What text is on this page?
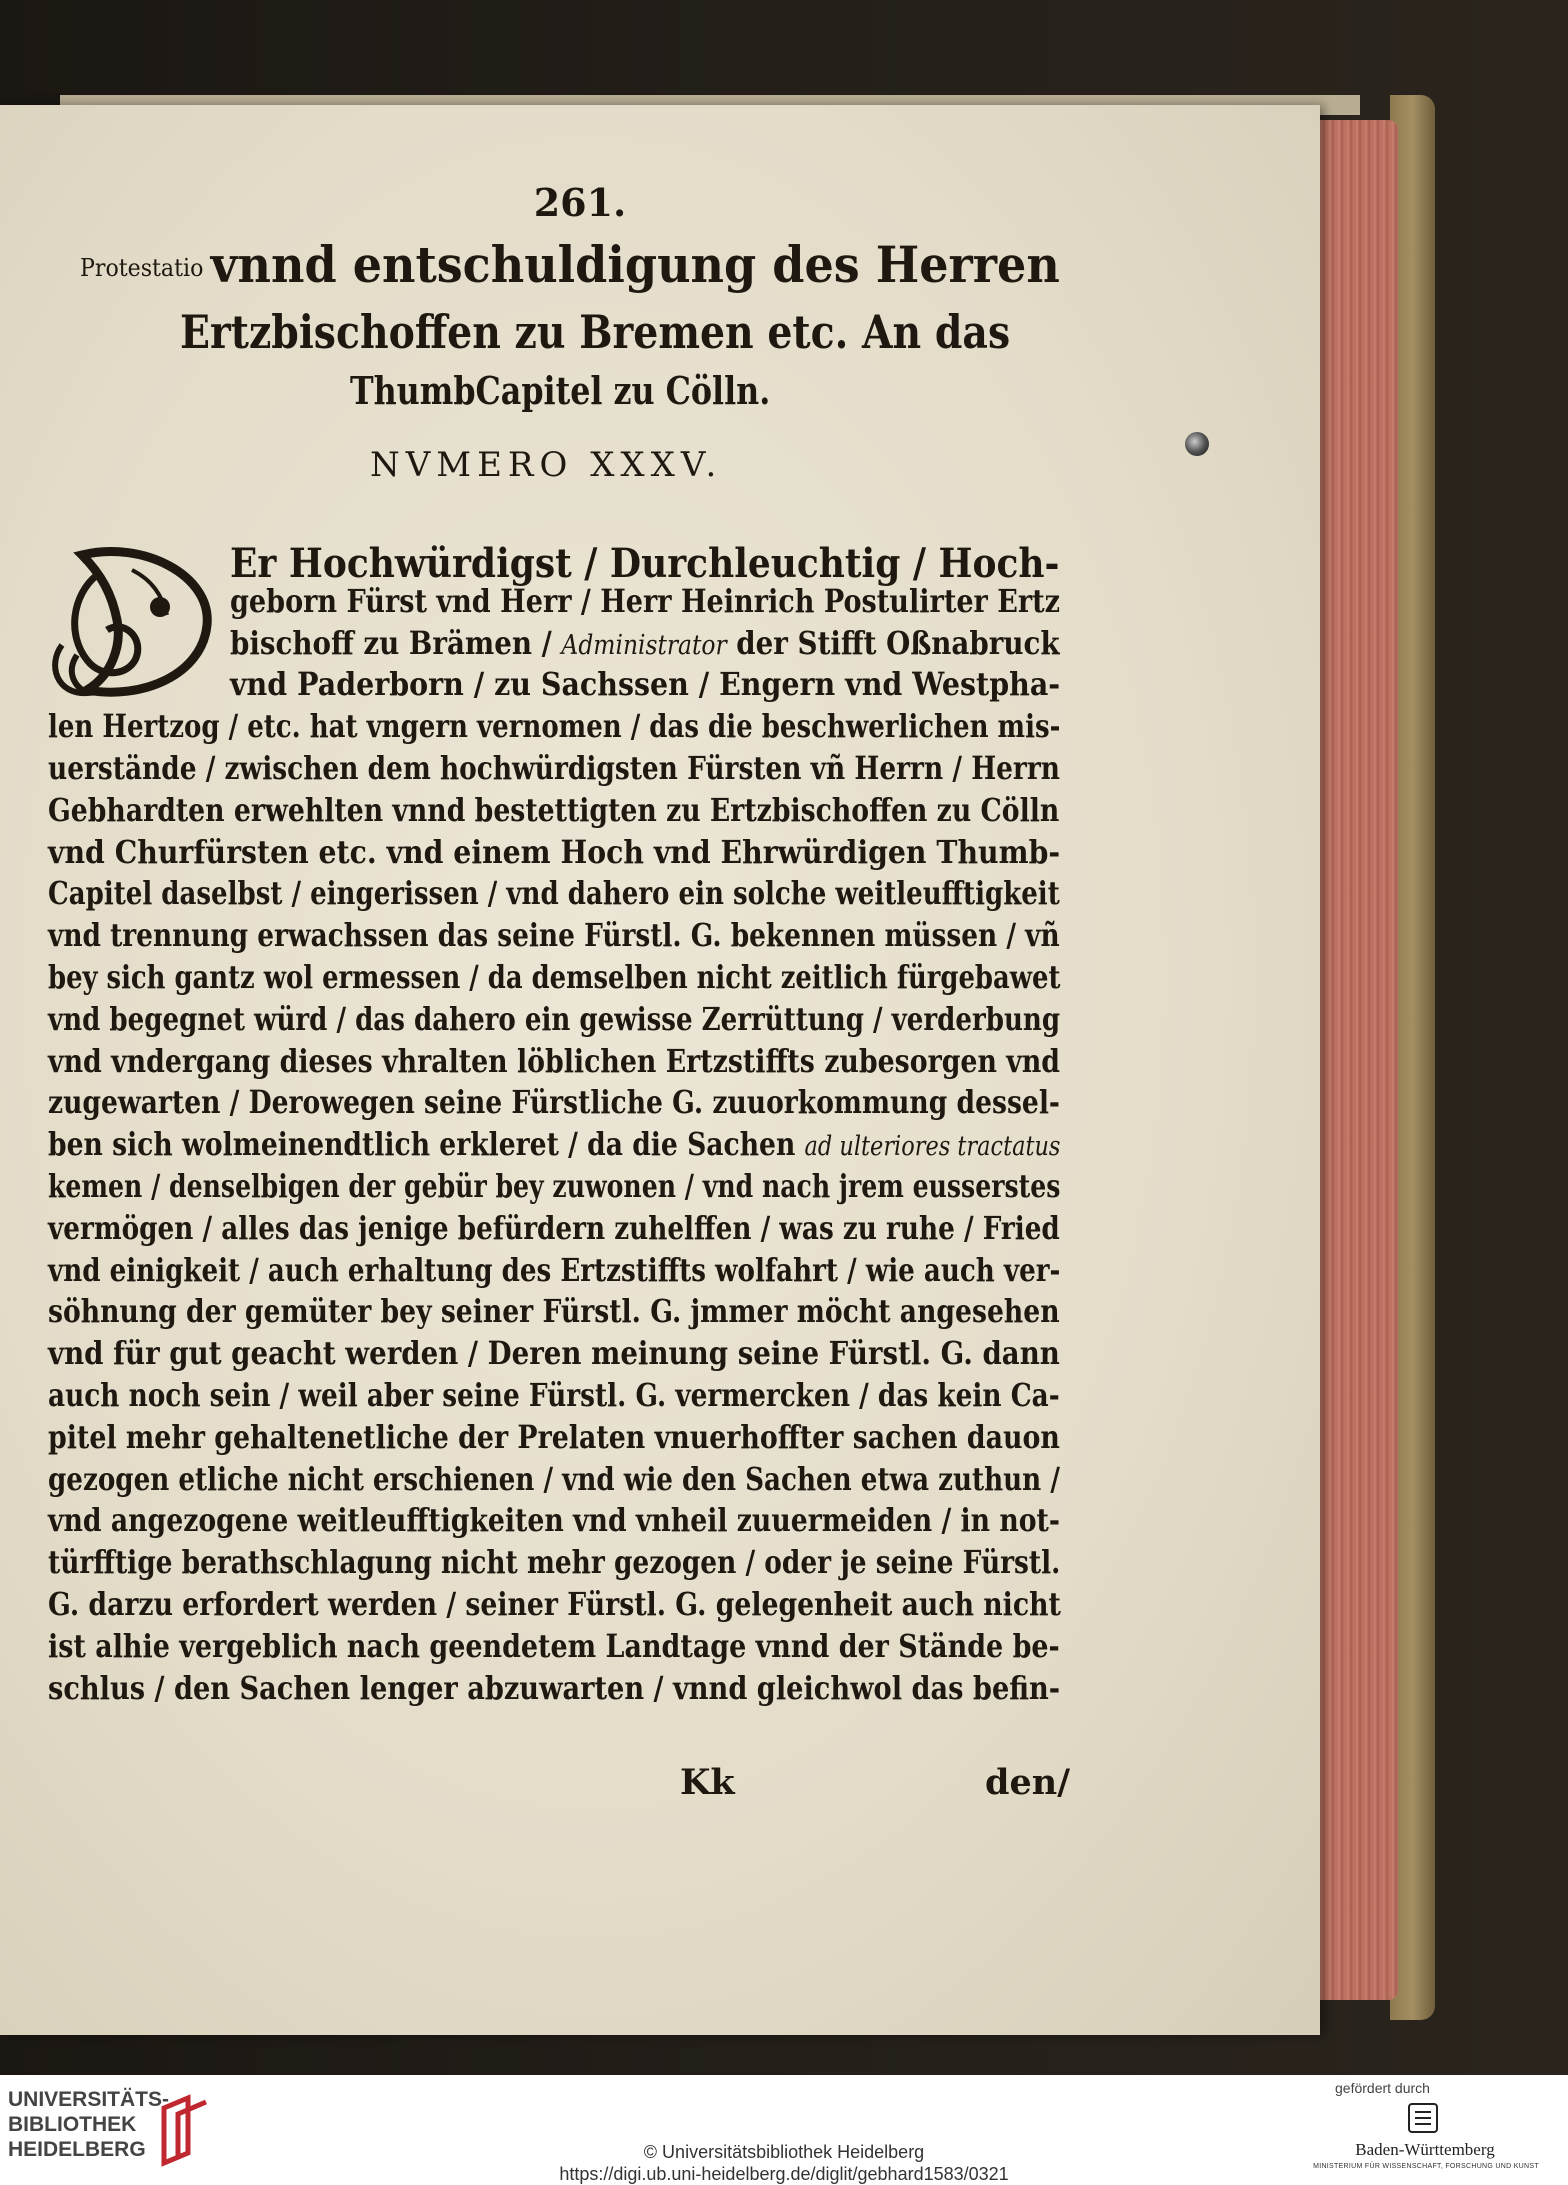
261.
Protestatio vnnd entschuldigung des Herren
Ertzbischoffen zu Bremen etc. An das
ThumbCapitel zu Cölln.
NVMERO XXXV.
Er Hochwürdigst / Durchleuchtig / Hoch-
geborn Fürst vnd Herr / Herr Heinrich Postulirter Ertz
bischoff zu Brämen / Administrator der Stifft Oßnabruck
vnd Paderborn / zu Sachssen / Engern vnd Westpha-
len Hertzog / etc. hat vngern vernomen / das die beschwerlichen mis-
uerstände / zwischen dem hochwürdigsten Fürsten vñ Herrn / Herrn
Gebhardten erwehlten vnnd bestettigten zu Ertzbischoffen zu Cölln
vnd Churfürsten etc. vnd einem Hoch vnd Ehrwürdigen Thumb-
Capitel daselbst / eingerissen / vnd dahero ein solche weitleufftigkeit
vnd trennung erwachssen das seine Fürstl. G. bekennen müssen / vñ
bey sich gantz wol ermessen / da demselben nicht zeitlich fürgebawet
vnd begegnet würd / das dahero ein gewisse Zerrüttung / verderbung
vnd vndergang dieses vhralten löblichen Ertzstiffts zubesorgen vnd
zugewarten / Derowegen seine Fürstliche G. zuuorkommung dessel-
ben sich wolmeinendtlich erkleret / da die Sachen ad ulteriores tractatus
kemen / denselbigen der gebür bey zuwonen / vnd nach jrem eusserstes
vermögen / alles das jenige befürdern zuhelffen / was zu ruhe / Fried
vnd einigkeit / auch erhaltung des Ertzstiffts wolfahrt / wie auch ver-
söhnung der gemüter bey seiner Fürstl. G. jmmer möcht angesehen
vnd für gut geacht werden / Deren meinung seine Fürstl. G. dann
auch noch sein / weil aber seine Fürstl. G. vermercken / das kein Ca-
pitel mehr gehaltenetliche der Prelaten vnuerhoffter sachen dauon
gezogen etliche nicht erschienen / vnd wie den Sachen etwa zuthun /
vnd angezogene weitleufftigkeiten vnd vnheil zuuermeiden / in not-
türfftige berathschlagung nicht mehr gezogen / oder je seine Fürstl.
G. darzu erfordert werden / seiner Fürstl. G. gelegenheit auch nicht
ist alhie vergeblich nach geendetem Landtage vnnd der Stände be-
schlus / den Sachen lenger abzuwarten / vnnd gleichwol das befin-
Kk	den/
UNIVERSITÄTS-
BIBLIOTHEK
HEIDELBERG	© Universitätsbibliothek Heidelberg
https://digi.ub.uni-heidelberg.de/diglit/gebhard1583/0321
gefördert durch
Baden-Württemberg
MINISTERIUM FÜR WISSENSCHAFT, FORSCHUNG UND KUNST
